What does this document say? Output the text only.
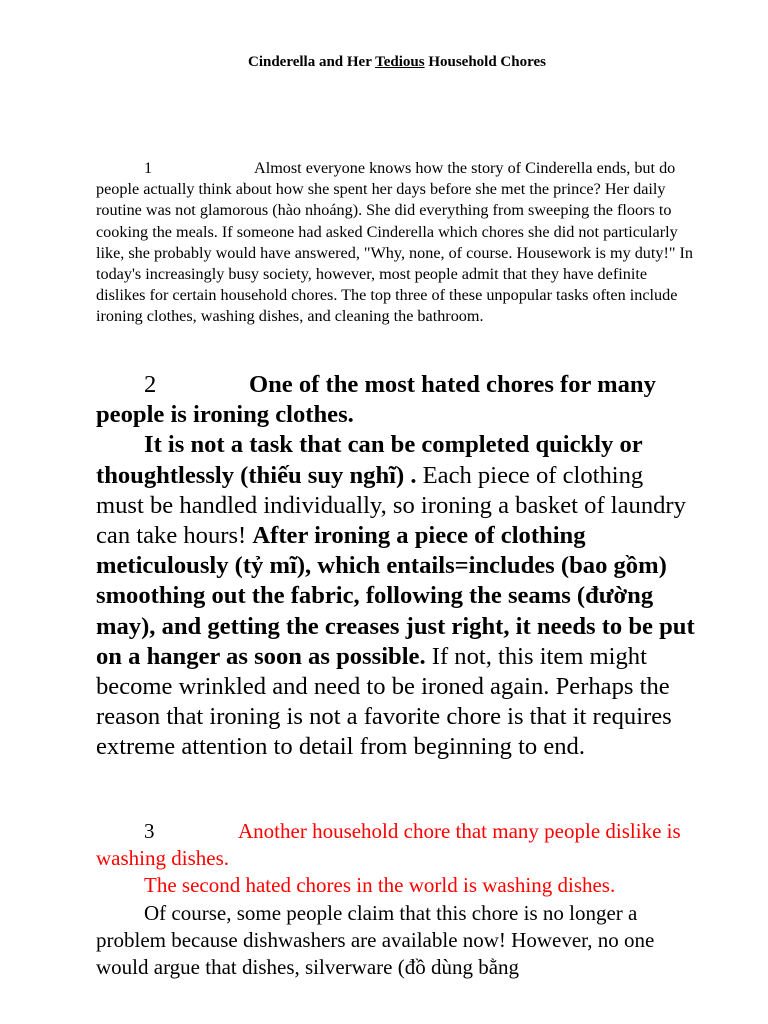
Cinderella and Her Tedious Household Chores
1	Almost everyone knows how the story of Cinderella ends, but do people actually think about how she spent her days before she met the prince? Her daily routine was not glamorous (hào nhoáng). She did everything from sweeping the floors to cooking the meals. If someone had asked Cinderella which chores she did not particularly like, she probably would have answered, "Why, none, of course. Housework is my duty!" In today's increasingly busy society, however, most people admit that they have definite dislikes for certain household chores. The top three of these unpopular tasks often include ironing clothes, washing dishes, and cleaning the bathroom.
2	One of the most hated chores for many people is ironing clothes.
It is not a task that can be completed quickly or thoughtlessly (thiếu suy nghĩ) . Each piece of clothing must be handled individually, so ironing a basket of laundry can take hours! After ironing a piece of clothing meticulously (tỷ mĩ), which entails=includes (bao gồm) smoothing out the fabric, following the seams (đường may), and getting the creases just right, it needs to be put on a hanger as soon as possible. If not, this item might become wrinkled and need to be ironed again. Perhaps the reason that ironing is not a favorite chore is that it requires extreme attention to detail from beginning to end.
3	Another household chore that many people dislike is washing dishes.
The second hated chores in the world is washing dishes.
Of course, some people claim that this chore is no longer a problem because dishwashers are available now! However, no one would argue that dishes, silverware (đồ dùng bằng
